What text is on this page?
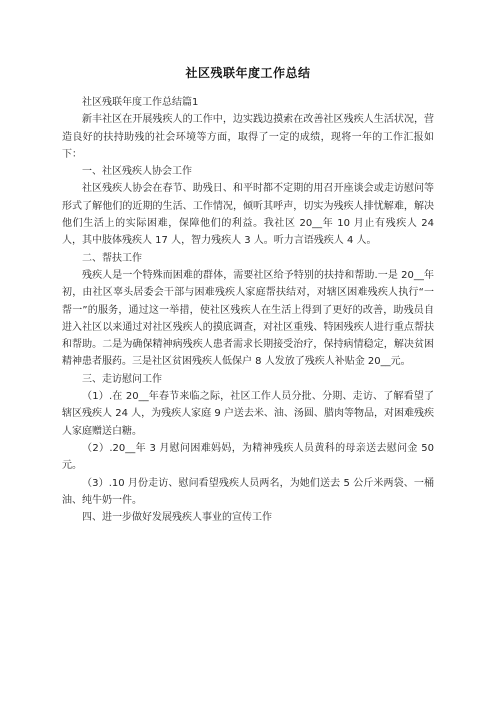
社区残联年度工作总结

社区残联年度工作总结篇1

新丰社区在开展残疾人的工作中，边实践边摸索在改善社区残疾人生活状况，营造良好的扶持助残的社会环境等方面，取得了一定的成绩，现将一年的工作汇报如下：

一、社区残疾人协会工作

社区残疾人协会在春节、助残日、和平时都不定期的用召开座谈会或走访慰问等形式了解他们的近期的生活、工作情况，倾听其呼声，切实为残疾人排忧解难，解决他们生活上的实际困难，保障他们的利益。我社区 20__年 10 月止有残疾人 24 人，其中肢体残疾人 17 人，智力残疾人 3 人。听力言语残疾人 4 人。

二、帮扶工作

残疾人是一个特殊而困难的群体，需要社区给予特别的扶持和帮助.一是 20__年初，由社区辜头居委会干部与困难残疾人家庭帮扶结对，对辖区困难残疾人执行“一帮一”的服务，通过这一举措，使社区残疾人在生活上得到了更好的改善，助残员自进入社区以来通过对社区残疾人的摸底调查，对社区重残、特困残疾人进行重点帮扶和帮助。二是为确保精神病残疾人患者需求长期接受治疗，保持病情稳定，解决贫困精神患者服药。三是社区贫困残疾人低保户 8 人发放了残疾人补贴金 20__元。

三、走访慰问工作

（1）.在 20__年春节来临之际，社区工作人员分批、分期、走访、了解看望了辖区残疾人 24 人，为残疾人家庭 9 户送去米、油、汤圆、腊肉等物品，对困难残疾人家庭赠送白糖。

（2）.20__年 3 月慰问困难妈妈，为精神残疾人员黄科的母亲送去慰问金 50 元。

（3）.10 月份走访、慰问看望残疾人员两名，为她们送去 5 公斤米两袋、一桶油、纯牛奶一件。

四、进一步做好发展残疾人事业的宣传工作
